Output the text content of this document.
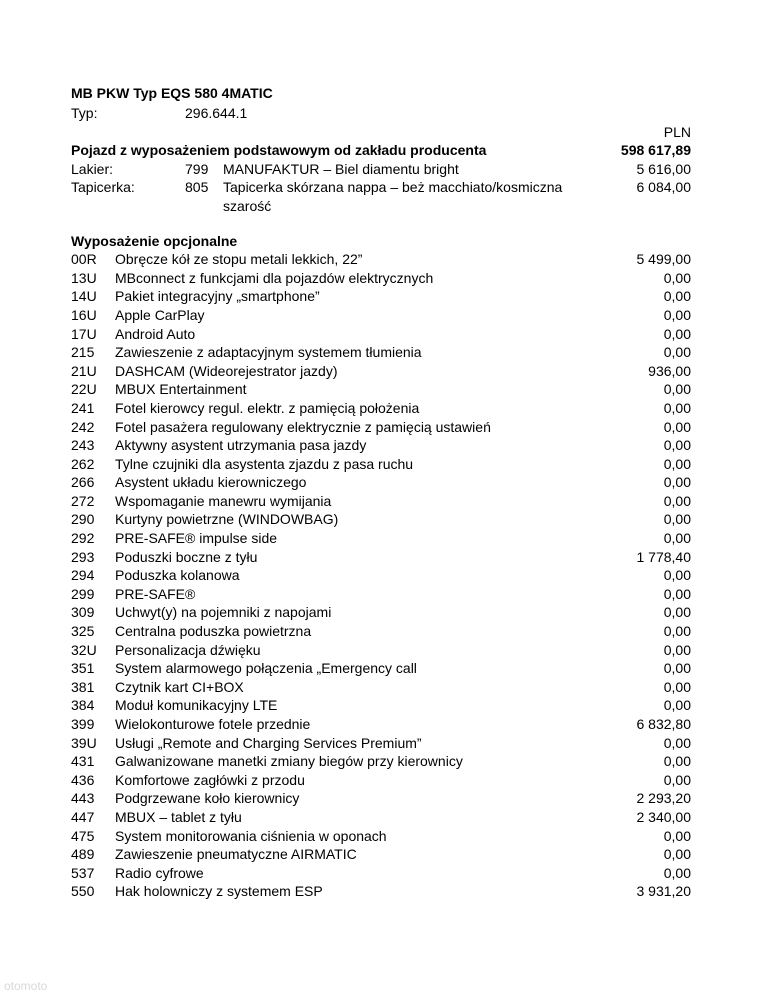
MB PKW Typ EQS 580 4MATIC
Typ:	296.644.1
PLN
Pojazd z wyposażeniem podstawowym od zakładu producenta	598 617,89
Lakier:	799 MANUFAKTUR – Biel diamentu bright	5 616,00
Tapicerka:	805 Tapicerka skórzana nappa – beż macchiato/kosmiczna	6 084,00
szarość
Wyposażenie opcjonalne
00R Obręcze kół ze stopu metali lekkich, 22”	5 499,00
13U MBconnect z funkcjami dla pojazdów elektrycznych	0,00
14U Pakiet integracyjny „smartphone”	0,00
16U Apple CarPlay	0,00
17U Android Auto	0,00
215 Zawieszenie z adaptacyjnym systemem tłumienia	0,00
21U DASHCAM (Wideorejestrator jazdy)	936,00
22U MBUX Entertainment	0,00
241 Fotel kierowcy regul. elektr. z pamięcią położenia	0,00
242 Fotel pasażera regulowany elektrycznie z pamięcią ustawień	0,00
243 Aktywny asystent utrzymania pasa jazdy	0,00
262 Tylne czujniki dla asystenta zjazdu z pasa ruchu	0,00
266 Asystent układu kierowniczego	0,00
272 Wspomaganie manewru wymijania	0,00
290 Kurtyny powietrzne (WINDOWBAG)	0,00
292 PRE-SAFE® impulse side	0,00
293 Poduszki boczne z tyłu	1 778,40
294 Poduszka kolanowa	0,00
299 PRE-SAFE®	0,00
309 Uchwyt(y) na pojemniki z napojami	0,00
325 Centralna poduszka powietrzna	0,00
32U Personalizacja dźwięku	0,00
351 System alarmowego połączenia „Emergency call	0,00
381 Czytnik kart CI+BOX	0,00
384 Moduł komunikacyjny LTE	0,00
399 Wielokonturowe fotele przednie	6 832,80
39U Usługi „Remote and Charging Services Premium”	0,00
431 Galwanizowane manetki zmiany biegów przy kierownicy	0,00
436 Komfortowe zagłówki z przodu	0,00
443 Podgrzewane koło kierownicy	2 293,20
447 MBUX – tablet z tyłu	2 340,00
475 System monitorowania ciśnienia w oponach	0,00
489 Zawieszenie pneumatyczne AIRMATIC	0,00
537 Radio cyfrowe	0,00
550 Hak holowniczy z systemem ESP	3 931,20
otomoto
